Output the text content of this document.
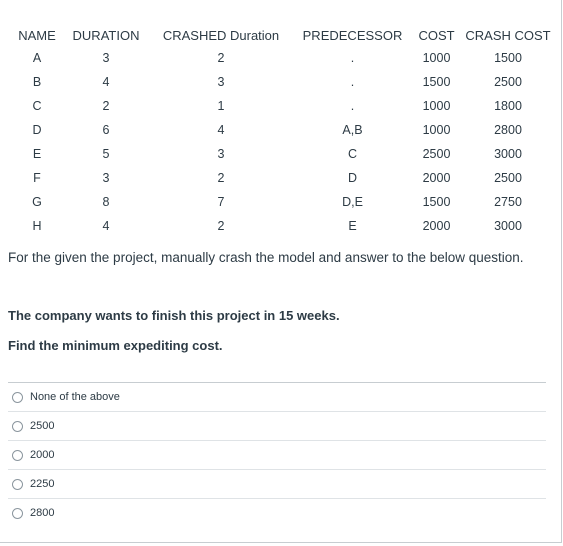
NAME	DURATION	CRASHED Duration	PREDECESSOR	COST	CRASH COST
A	3	2	.	1000	1500
B	4	3	.	1500	2500
C	2	1	.	1000	1800
D	6	4	A,B	1000	2800
E	5	3	C	2500	3000
F	3	2	D	2000	2500
G	8	7	D,E	1500	2750
H	4	2	E	2000	3000
For the given the project, manually crash the model and answer to the below question.
The company wants to finish this project in 15 weeks.
Find the minimum expediting cost.
None of the above
2500
2000
2250
2800
